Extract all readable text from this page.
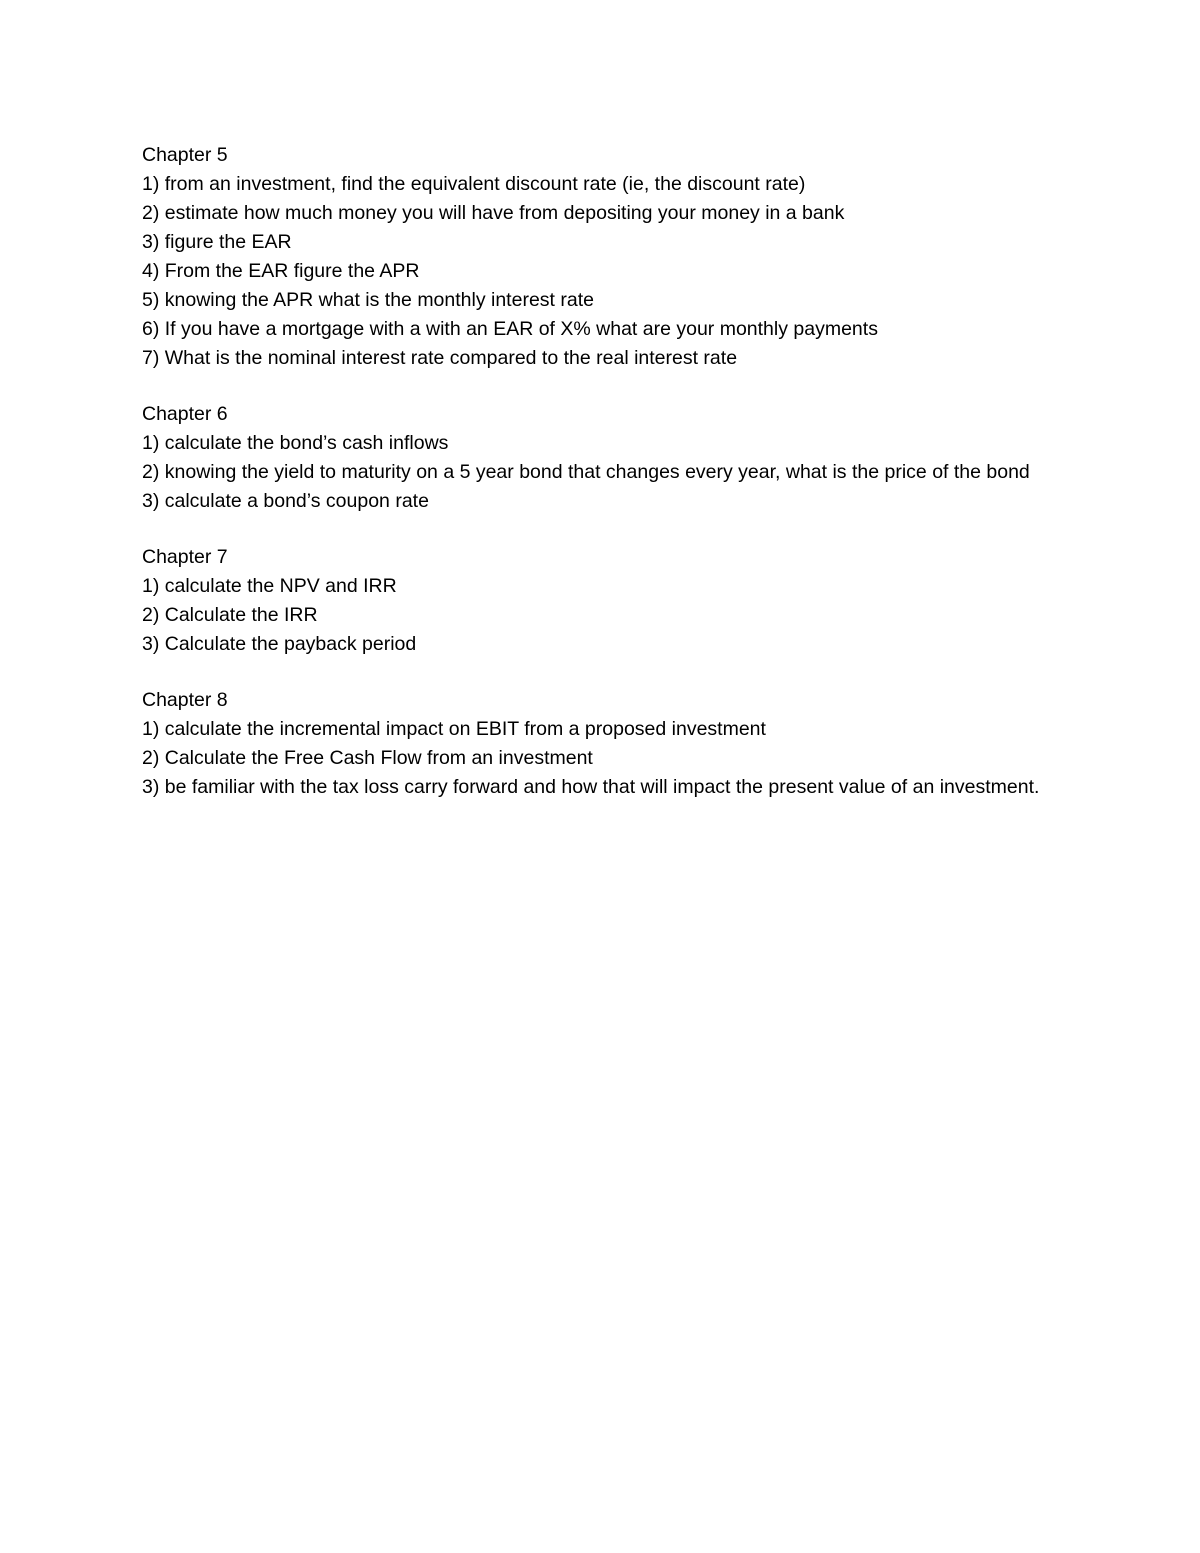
Chapter 5

1) from an investment, find the equivalent discount rate (ie, the discount rate)

2) estimate how much money you will have from depositing your money in a bank

3) figure the EAR

4) From the EAR figure the APR

5) knowing the APR what is the monthly interest rate

6) If you have a mortgage with a with an EAR of X% what are your monthly payments

7) What is the nominal interest rate compared to the real interest rate

Chapter 6

1) calculate the bond’s cash inflows

2) knowing the yield to maturity on a 5 year bond that changes every year, what is the price of the bond

3) calculate a bond’s coupon rate

Chapter 7

1) calculate the NPV and IRR

2) Calculate the IRR

3) Calculate the payback period

Chapter 8

1) calculate the incremental impact on EBIT from a proposed investment

2) Calculate the Free Cash Flow from an investment

3) be familiar with the tax loss carry forward and how that will impact the present value of an investment.
